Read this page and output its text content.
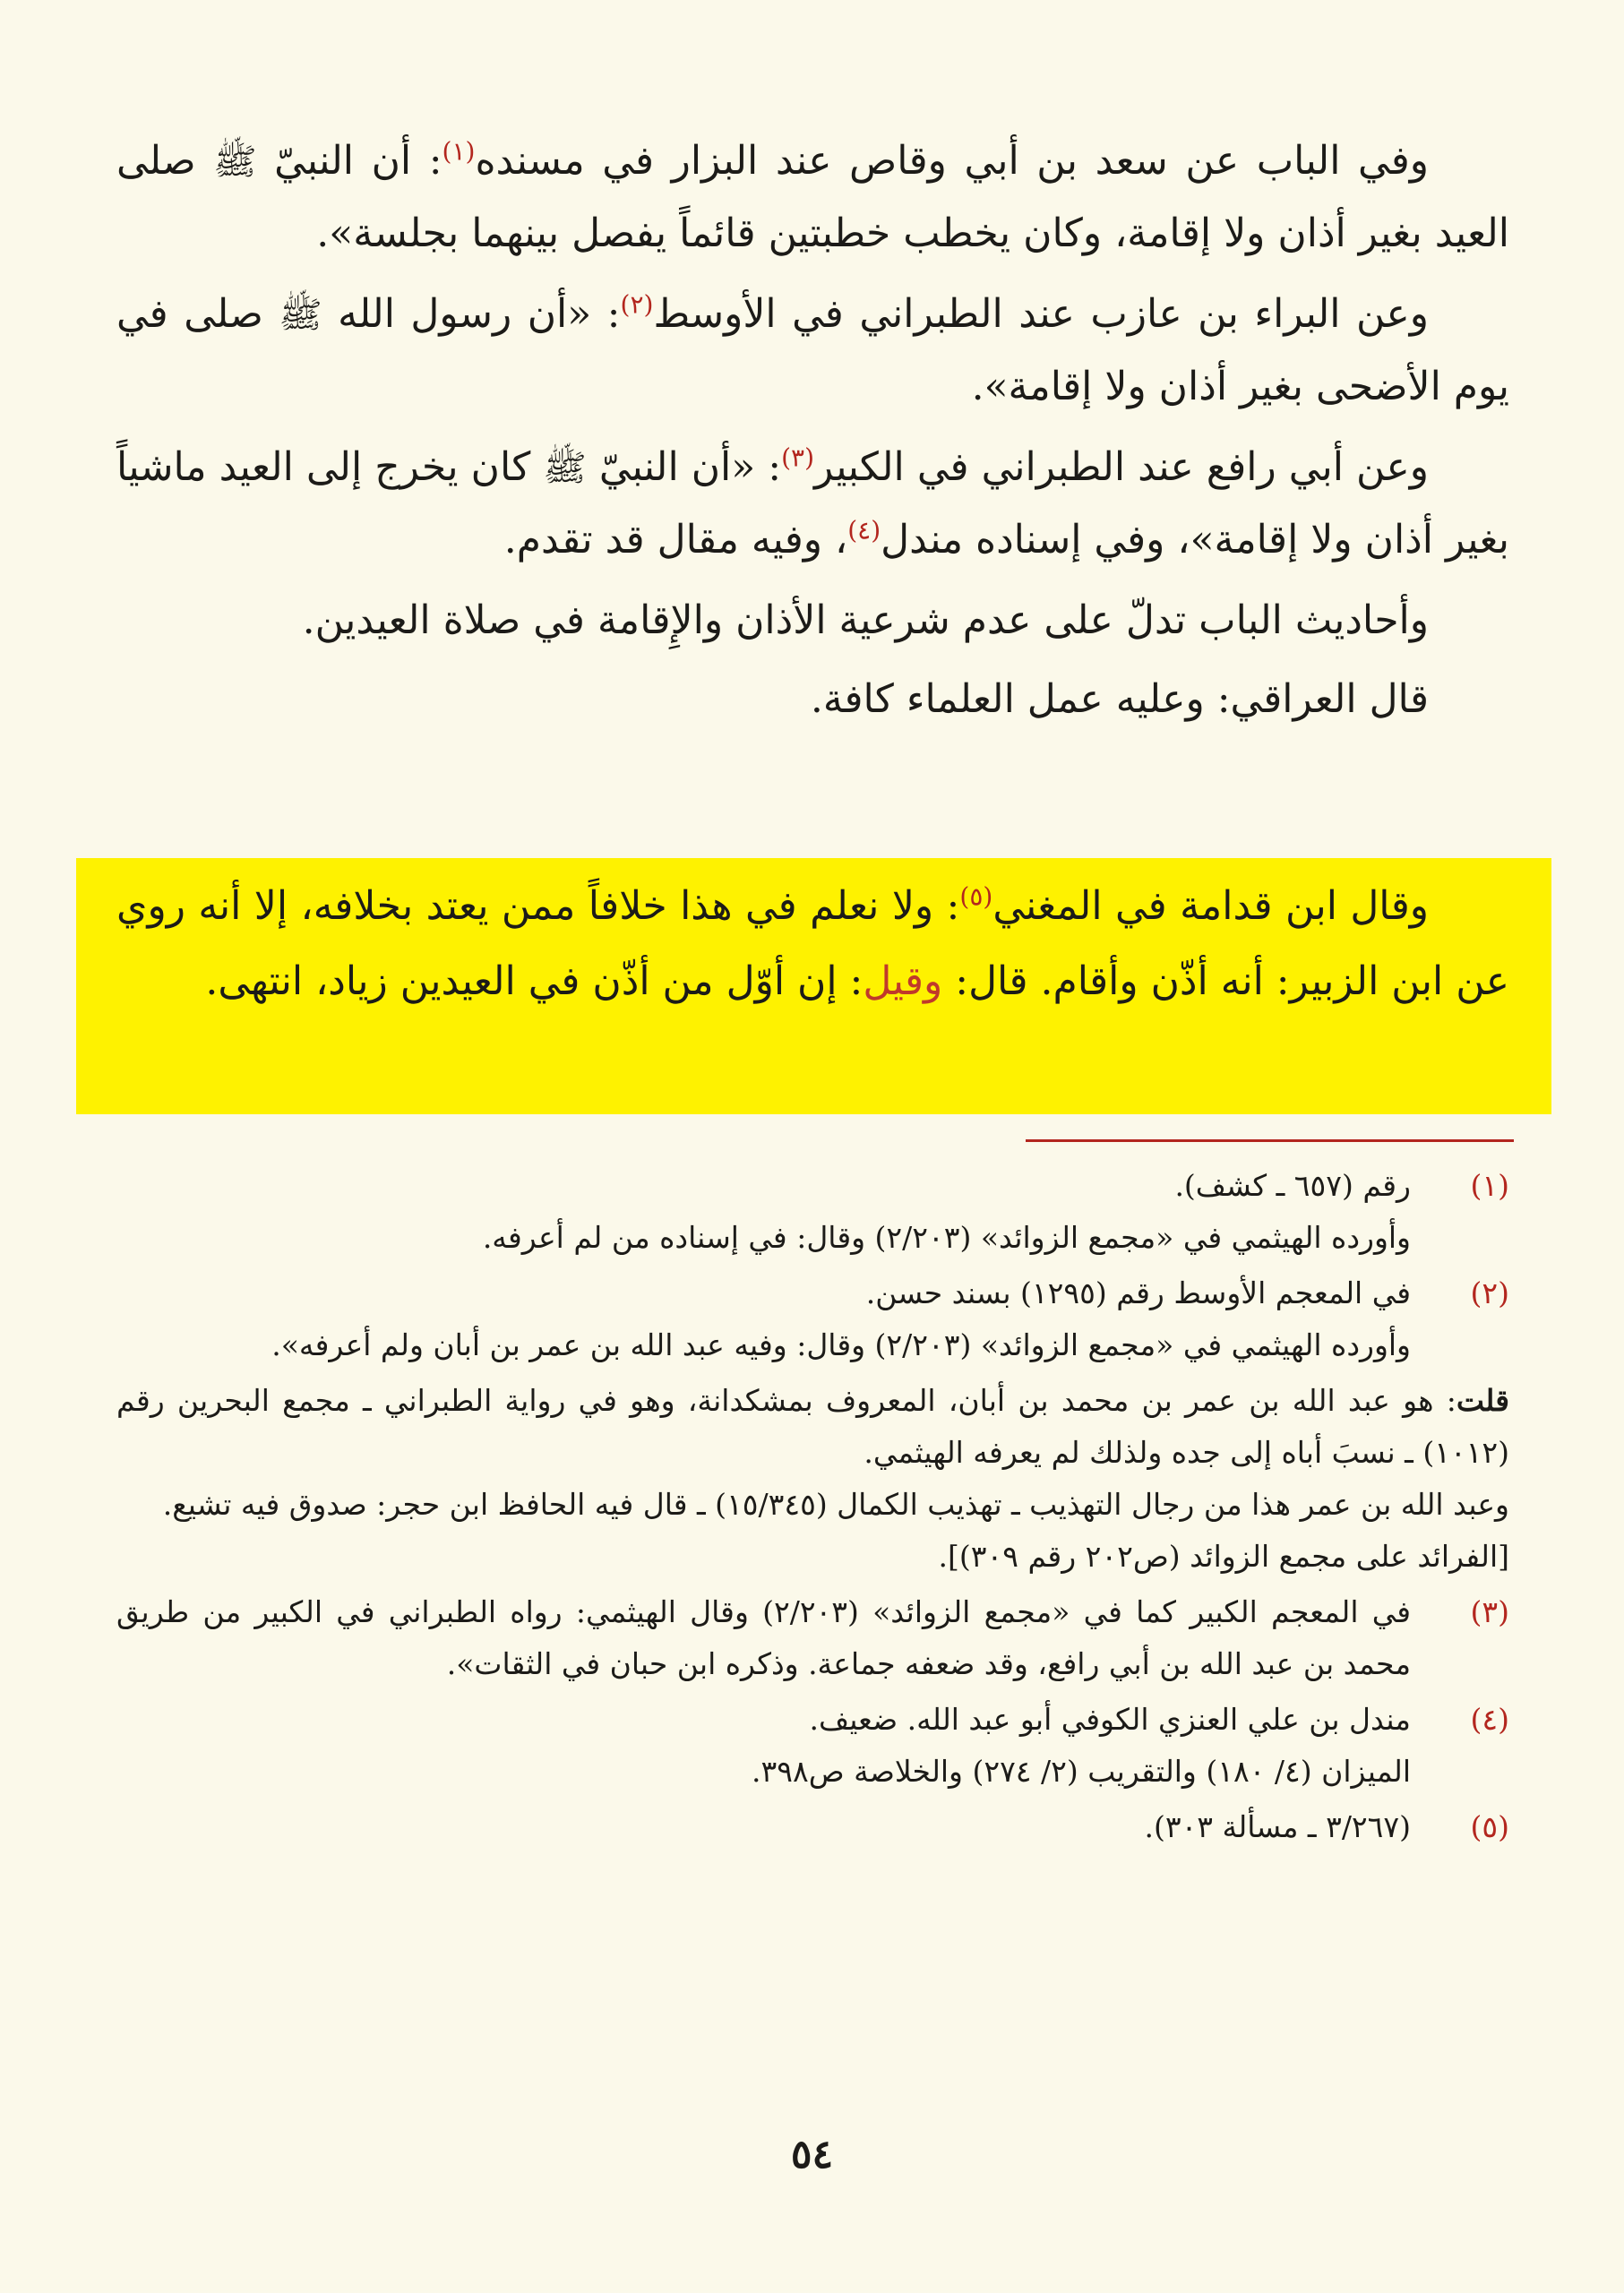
وفي الباب عن سعد بن أبي وقاص عند البزار في مسنده$^{(١)}$: أن النبيّ ﷺ صلى العيد بغير أذان ولا إقامة، وكان يخطب خطبتين قائماً يفصل بينهما بجلسة».

وعن البراء بن عازب عند الطبراني في الأوسط$^{(٢)}$: «أن رسول الله ﷺ صلى في يوم الأضحى بغير أذان ولا إقامة».

وعن أبي رافع عند الطبراني في الكبير$^{(٣)}$: «أن النبيّ ﷺ كان يخرج إلى العيد ماشياً بغير أذان ولا إقامة»، وفي إسناده مندل$^{(٤)}$، وفيه مقال قد تقدم.

وأحاديث الباب تدلّ على عدم شرعية الأذان والإِقامة في صلاة العيدين.

قال العراقي: وعليه عمل العلماء كافة.

وقال ابن قدامة في المغني$^{(٥)}$: ولا نعلم في هذا خلافاً ممن يعتد بخلافه، إلا أنه روي عن ابن الزبير: أنه أذّن وأقام. قال: وقيل: إن أوّل من أذّن في العيدين زياد، انتهى.

(١)
رقم (٦٥٧ ـ كشف).
وأورده الهيثمي في «مجمع الزوائد» (٢/٢٠٣) وقال: في إسناده من لم أعرفه.
(٢)
في المعجم الأوسط رقم (١٢٩٥) بسند حسن.
وأورده الهيثمي في «مجمع الزوائد» (٢/٢٠٣) وقال: وفيه عبد الله بن عمر بن أبان ولم أعرفه».
قلت: هو عبد الله بن عمر بن محمد بن أبان، المعروف بمشكدانة، وهو في رواية الطبراني ـ مجمع البحرين رقم (١٠١٢) ـ نسبَ أباه إلى جده ولذلك لم يعرفه الهيثمي.
وعبد الله بن عمر هذا من رجال التهذيب ـ تهذيب الكمال (١٥/٣٤٥) ـ قال فيه الحافظ ابن حجر: صدوق فيه تشيع.
[الفرائد على مجمع الزوائد (ص٢٠٢ رقم ٣٠٩)].
(٣)
في المعجم الكبير كما في «مجمع الزوائد» (٢/٢٠٣) وقال الهيثمي: رواه الطبراني في الكبير من طريق محمد بن عبد الله بن أبي رافع، وقد ضعفه جماعة. وذكره ابن حبان في الثقات».
(٤)
مندل بن علي العنزي الكوفي أبو عبد الله. ضعيف.
الميزان (٤/ ١٨٠) والتقريب (٢/ ٢٧٤) والخلاصة ص٣٩٨.
(٥)
(٣/٢٦٧ ـ مسألة ٣٠٣).
٥٤
